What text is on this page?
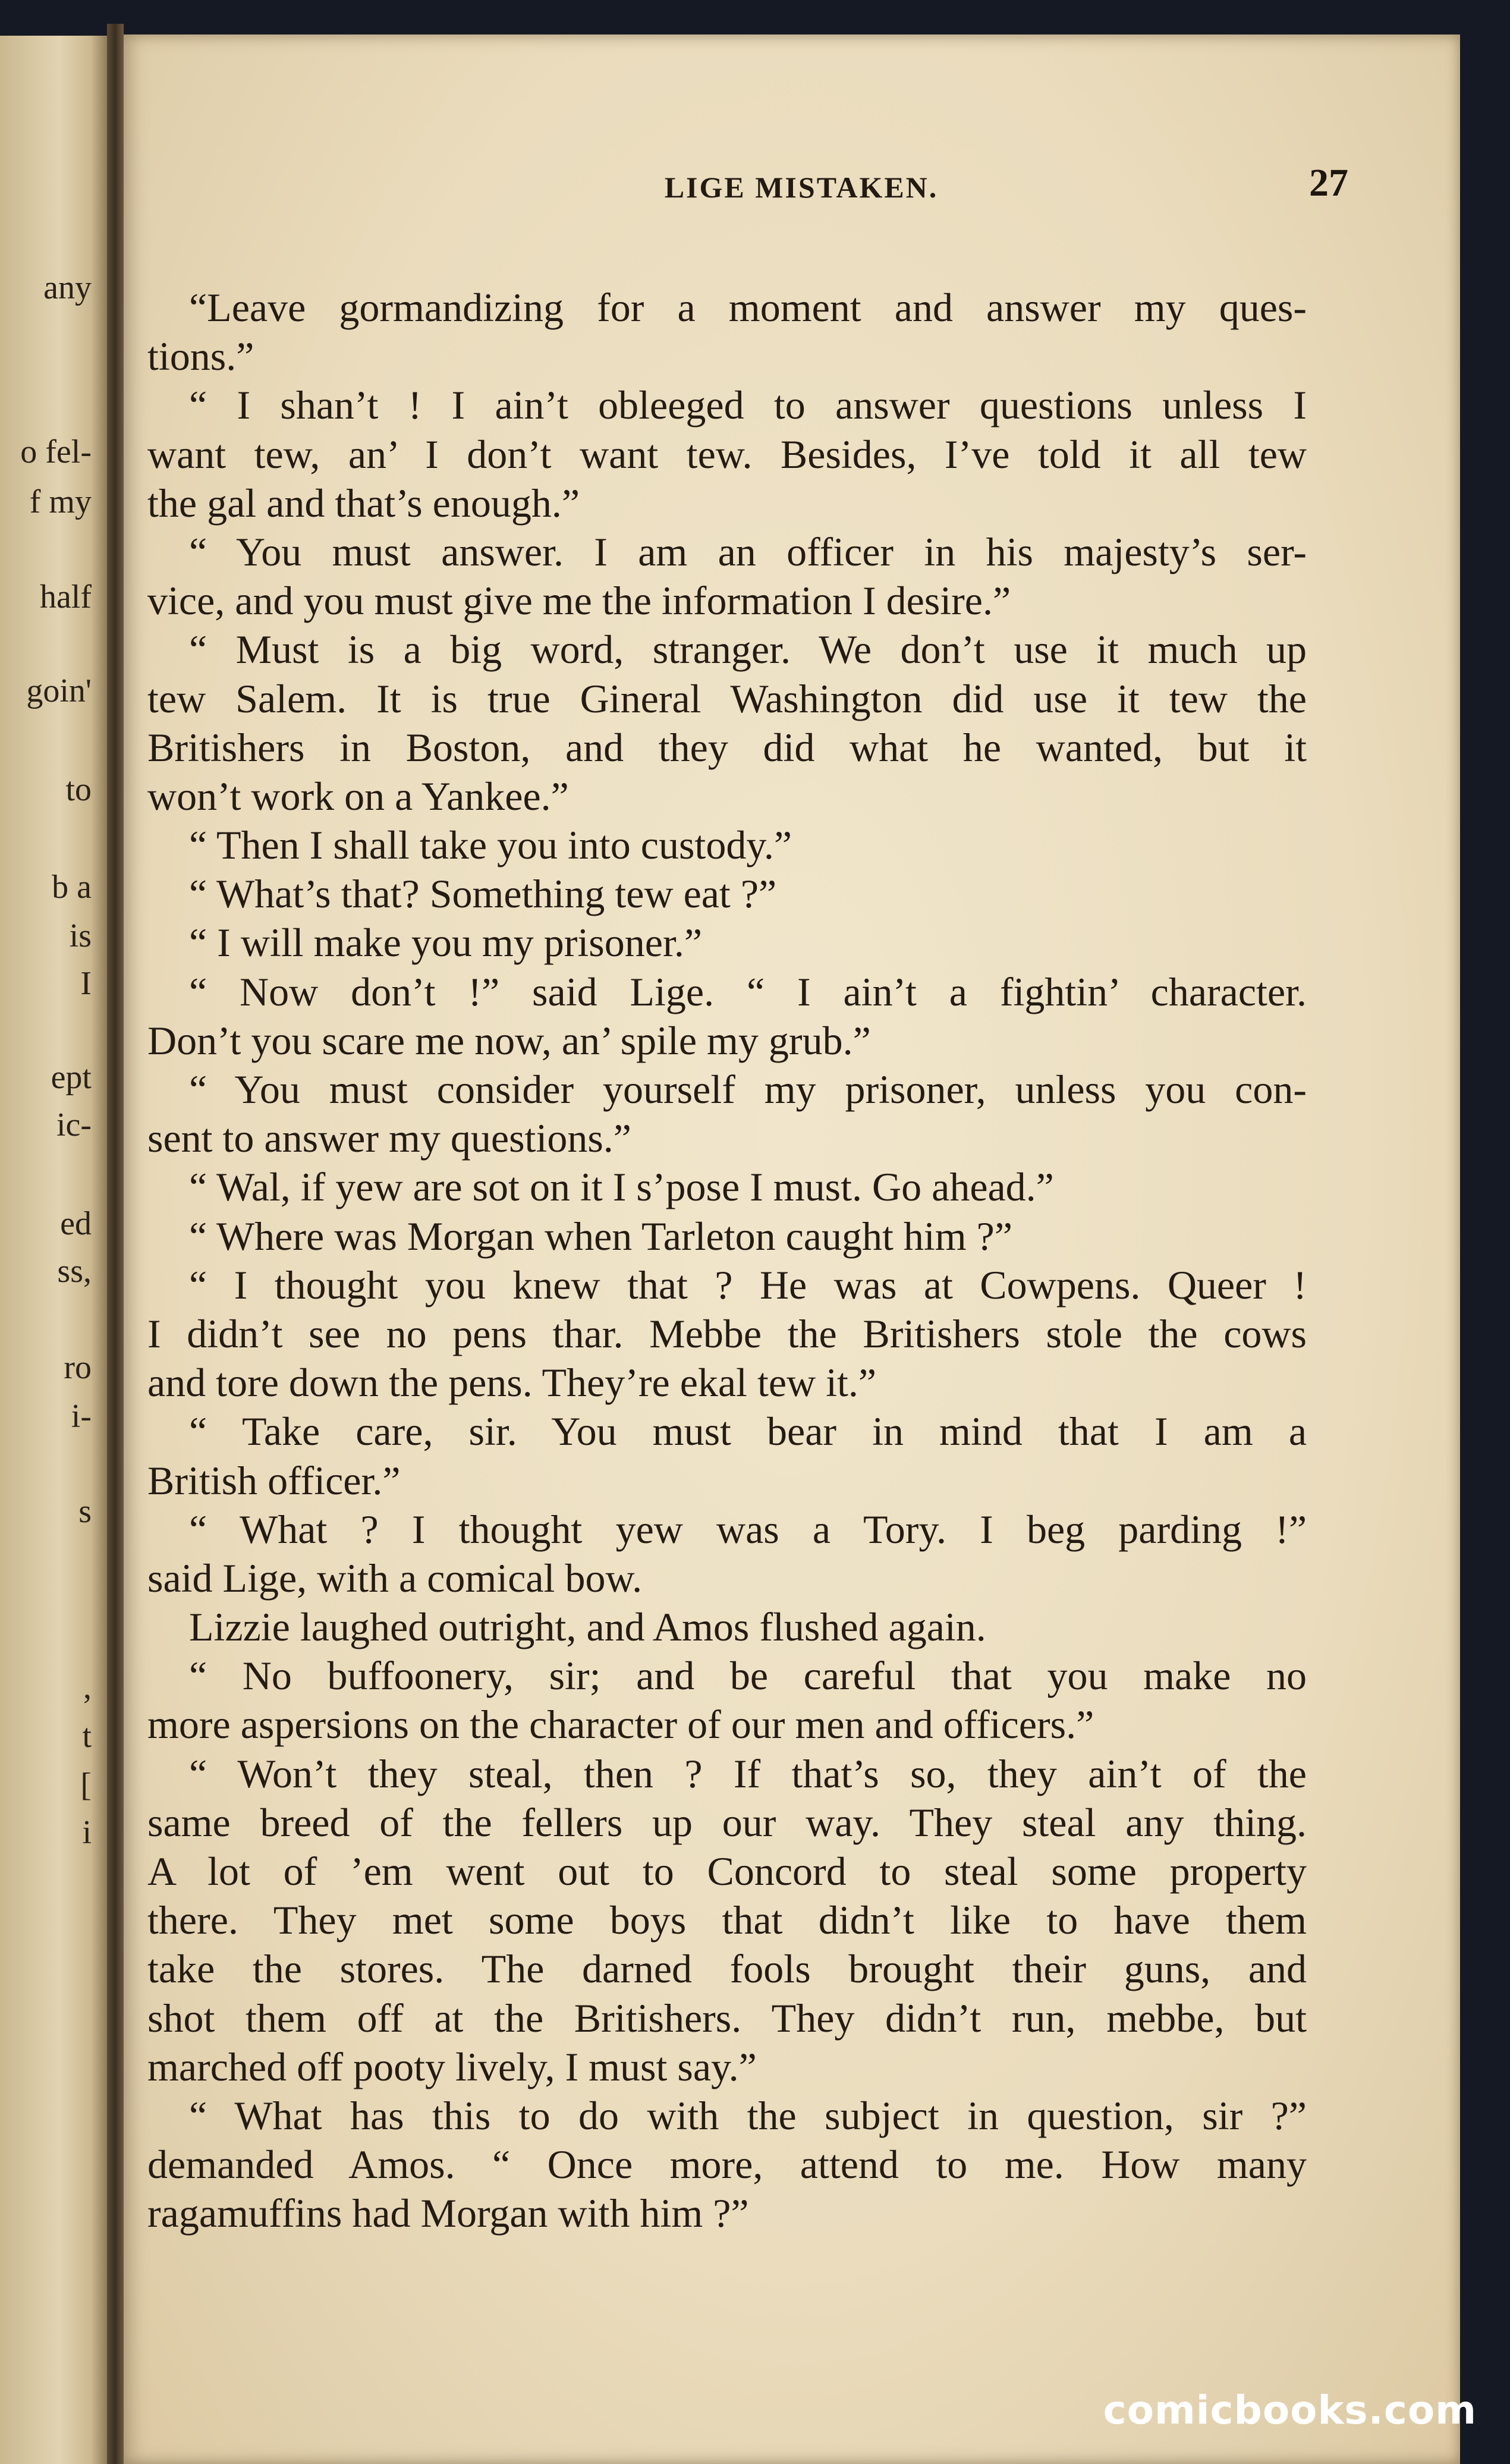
any
o fel-
f my
half
goin'
to
b a
is
I
ept
ic-
ed
ss,
ro
i-
s
,
t
[
i
LIGE MISTAKEN.	27
“Leave gormandizing for a moment and answer my ques-
tions.”
“ I shan’t ! I ain’t obleeged to answer questions unless I
want tew, an’ I don’t want tew. Besides, I’ve told it all tew
the gal and that’s enough.”
“ You must answer. I am an officer in his majesty’s ser-
vice, and you must give me the information I desire.”
“ Must is a big word, stranger. We don’t use it much up
tew Salem. It is true Gineral Washington did use it tew the
Britishers in Boston, and they did what he wanted, but it
won’t work on a Yankee.”
“ Then I shall take you into custody.”
“ What’s that? Something tew eat ?”
“ I will make you my prisoner.”
“ Now don’t !” said Lige. “ I ain’t a fightin’ character.
Don’t you scare me now, an’ spile my grub.”
“ You must consider yourself my prisoner, unless you con-
sent to answer my questions.”
“ Wal, if yew are sot on it I s’pose I must. Go ahead.”
“ Where was Morgan when Tarleton caught him ?”
“ I thought you knew that ? He was at Cowpens. Queer !
I didn’t see no pens thar. Mebbe the Britishers stole the cows
and tore down the pens. They’re ekal tew it.”
“ Take care, sir. You must bear in mind that I am a
British officer.”
“ What ? I thought yew was a Tory. I beg parding !”
said Lige, with a comical bow.
Lizzie laughed outright, and Amos flushed again.
“ No buffoonery, sir; and be careful that you make no
more aspersions on the character of our men and officers.”
“ Won’t they steal, then ? If that’s so, they ain’t of the
same breed of the fellers up our way. They steal any thing.
A lot of ’em went out to Concord to steal some property
there. They met some boys that didn’t like to have them
take the stores. The darned fools brought their guns, and
shot them off at the Britishers. They didn’t run, mebbe, but
marched off pooty lively, I must say.”
“ What has this to do with the subject in question, sir ?”
demanded Amos. “ Once more, attend to me. How many
ragamuffins had Morgan with him ?”
comicbooks.com
